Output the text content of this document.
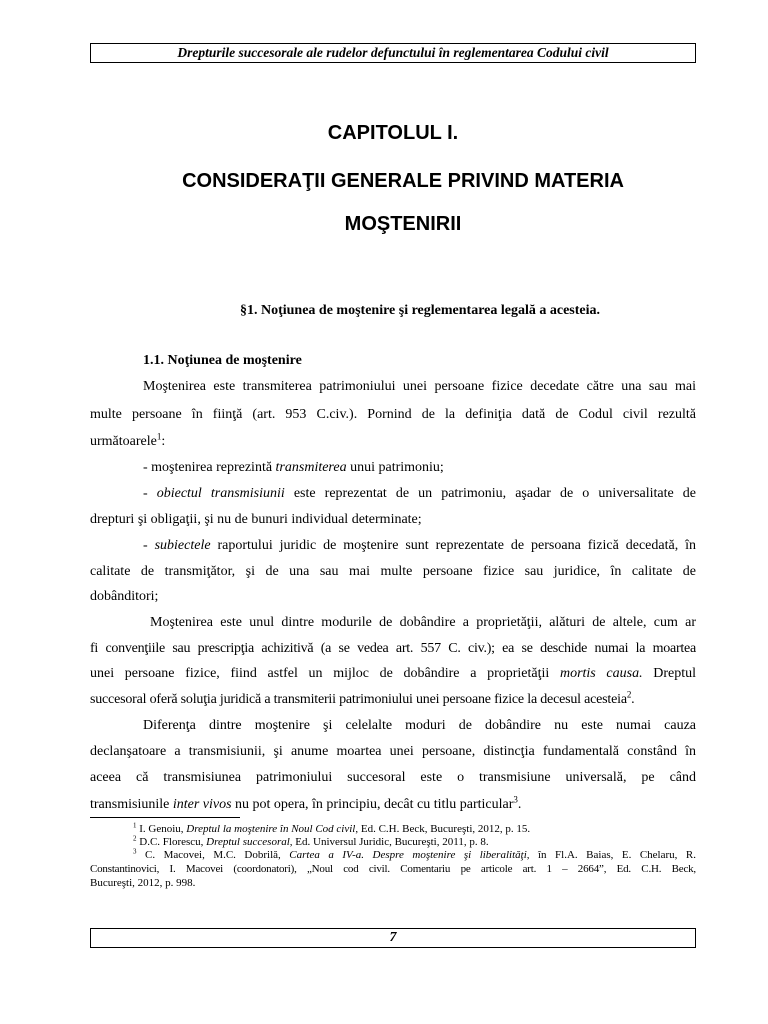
Drepturile succesorale ale rudelor defunctului în reglementarea Codului civil
CAPITOLUL I.
CONSIDERAŢII GENERALE PRIVIND MATERIA
MOŞTENIRII
§1. Noţiunea de moştenire şi reglementarea legală a acesteia.
1.1. Noţiunea de moştenire
Moştenirea este transmiterea patrimoniului unei persoane fizice decedate către una sau mai
multe persoane în fiinţă (art. 953 C.civ.). Pornind de la definiţia dată de Codul civil rezultă
următoarele$^1$:
- moştenirea reprezintă transmiterea unui patrimoniu;
- obiectul transmisiunii este reprezentat de un patrimoniu, aşadar de o universalitate de
drepturi şi obligaţii, şi nu de bunuri individual determinate;
- subiectele raportului juridic de moştenire sunt reprezentate de persoana fizică decedată, în
calitate de transmiţător, şi de una sau mai multe persoane fizice sau juridice, în calitate de
dobânditori;
Moştenirea este unul dintre modurile de dobândire a proprietăţii, alături de altele, cum ar
fi convenţiile sau prescripţia achizitivă (a se vedea art. 557 C. civ.); ea se deschide numai la moartea
unei persoane fizice, fiind astfel un mijloc de dobândire a proprietăţii mortis causa. Dreptul
succesoral oferă soluţia juridică a transmiterii patrimoniului unei persoane fizice la decesul acesteia$^2$.
Diferenţa dintre moştenire şi celelalte moduri de dobândire nu este numai cauza
declanşatoare a transmisiunii, şi anume moartea unei persoane, distincţia fundamentală constând în
aceea că transmisiunea patrimoniului succesoral este o transmisiune universală, pe când
transmisiunile inter vivos nu pot opera, în principiu, decât cu titlu particular$^3$.
$^1$ I. Genoiu, Dreptul la moştenire în Noul Cod civil, Ed. C.H. Beck, Bucureşti, 2012, p. 15.
$^2$ D.C. Florescu, Dreptul succesoral, Ed. Universul Juridic, Bucureşti, 2011, p. 8.
$^3$ C. Macovei, M.C. Dobrilă, Cartea a IV-a. Despre moştenire şi liberalităţi, în Fl.A. Baias, E. Chelaru, R.
Constantinovici, I. Macovei (coordonatori), „Noul cod civil. Comentariu pe articole art. 1 – 2664”, Ed. C.H. Beck,
Bucureşti, 2012, p. 998.
7
